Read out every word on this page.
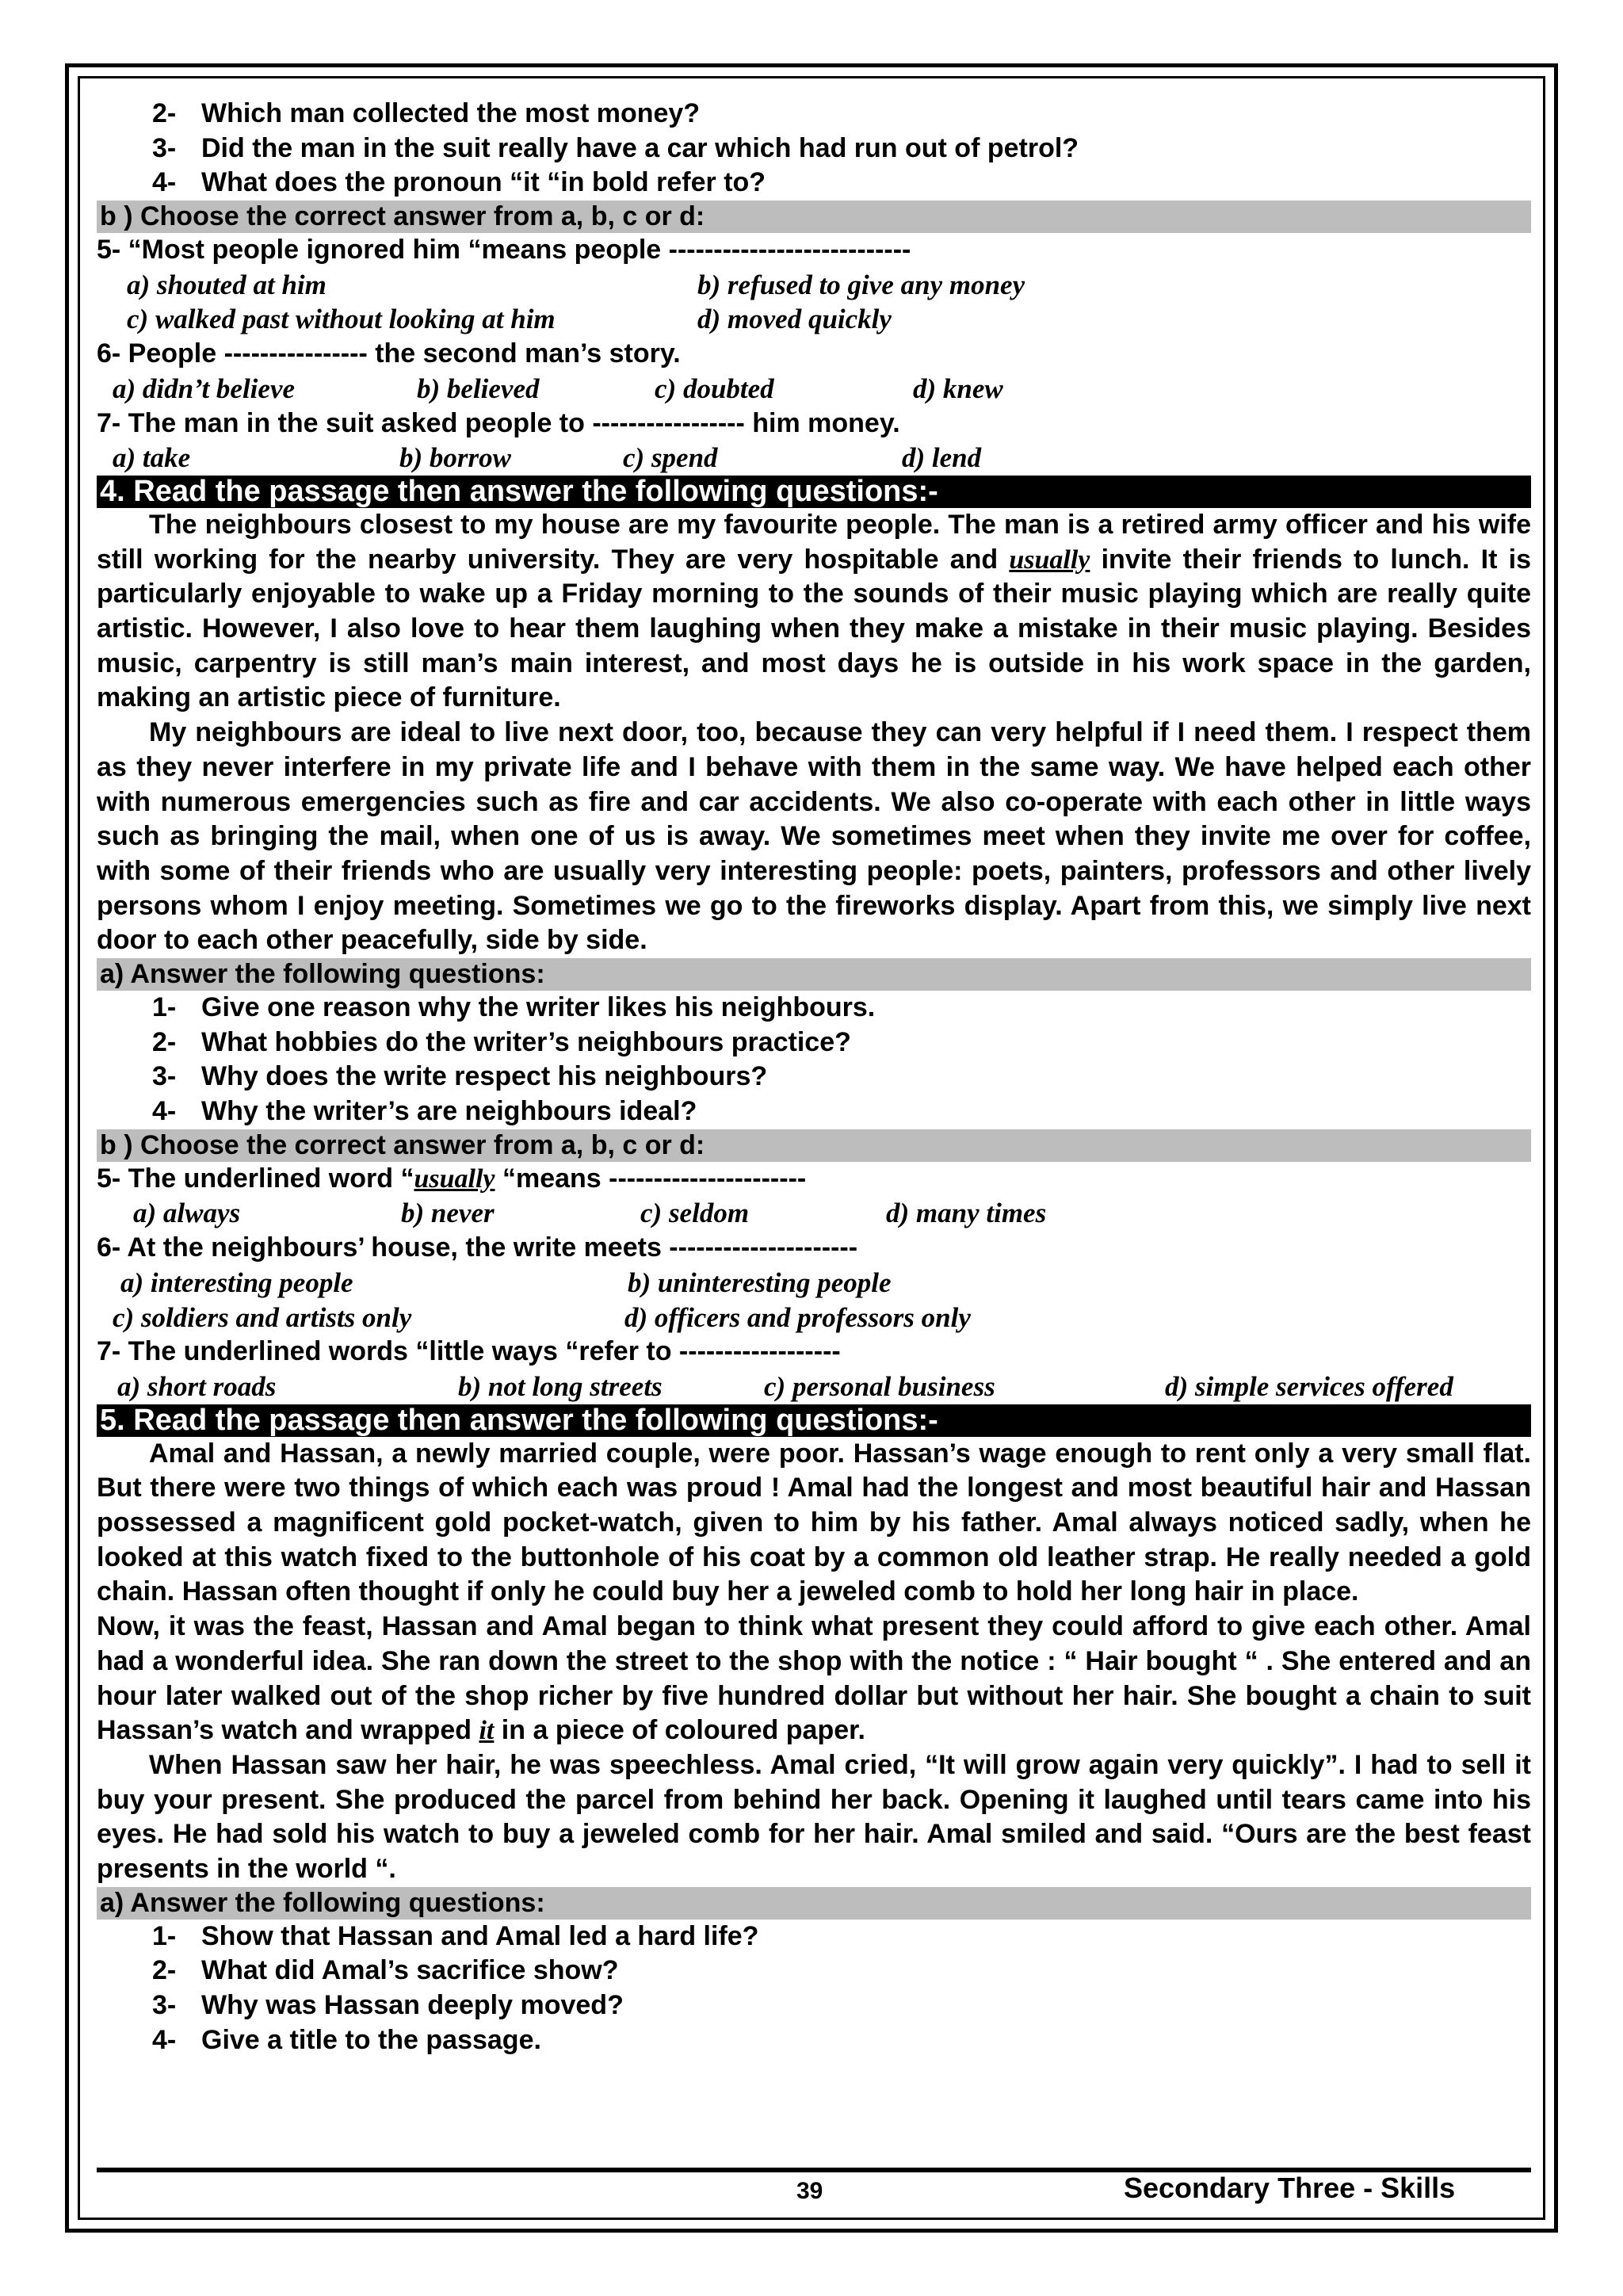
2- Which man collected the most money?
3- Did the man in the suit really have a car which had run out of petrol?
4- What does the pronoun “it “in bold refer to?
b ) Choose the correct answer from a, b, c or d:
5- “Most people ignored him “means people ---------------------------
a) shouted at him	b) refused to give any money
c) walked past without looking at him	d) moved quickly
6- People ---------------- the second man’s story.
a) didn’t believe	b) believed	c) doubted	d) knew
7- The man in the suit asked people to ----------------- him money.
a) take	b) borrow	c) spend	d) lend
4. Read the passage then answer the following questions:-
The neighbours closest to my house are my favourite people. The man is a retired army officer and his wife still working for the nearby university. They are very hospitable and usually invite their friends to lunch. It is particularly enjoyable to wake up a Friday morning to the sounds of their music playing which are really quite artistic. However, I also love to hear them laughing when they make a mistake in their music playing. Besides music, carpentry is still man’s main interest, and most days he is outside in his work space in the garden, making an artistic piece of furniture.
My neighbours are ideal to live next door, too, because they can very helpful if I need them. I respect them as they never interfere in my private life and I behave with them in the same way. We have helped each other with numerous emergencies such as fire and car accidents. We also co-operate with each other in little ways such as bringing the mail, when one of us is away. We sometimes meet when they invite me over for coffee, with some of their friends who are usually very interesting people: poets, painters, professors and other lively persons whom I enjoy meeting. Sometimes we go to the fireworks display. Apart from this, we simply live next door to each other peacefully, side by side.
a) Answer the following questions:
1- Give one reason why the writer likes his neighbours.
2- What hobbies do the writer’s neighbours practice?
3- Why does the write respect his neighbours?
4- Why the writer’s are neighbours ideal?
b ) Choose the correct answer from a, b, c or d:
5- The underlined word “usually “means ----------------------
a) always	b) never	c) seldom	d) many times
6- At the neighbours’ house, the write meets ---------------------
a) interesting people	b) uninteresting people
c) soldiers and artists only	d) officers and professors only
7- The underlined words “little ways “refer to ------------------
a) short roads	b) not long streets	c) personal business	d) simple services offered
5. Read the passage then answer the following questions:-
Amal and Hassan, a newly married couple, were poor. Hassan’s wage enough to rent only a very small flat. But there were two things of which each was proud ! Amal had the longest and most beautiful hair and Hassan possessed a magnificent gold pocket-watch, given to him by his father. Amal always noticed sadly, when he looked at this watch fixed to the buttonhole of his coat by a common old leather strap. He really needed a gold chain. Hassan often thought if only he could buy her a jeweled comb to hold her long hair in place.
Now, it was the feast, Hassan and Amal began to think what present they could afford to give each other. Amal had a wonderful idea. She ran down the street to the shop with the notice : “ Hair bought “ . She entered and an hour later walked out of the shop richer by five hundred dollar but without her hair. She bought a chain to suit Hassan’s watch and wrapped it in a piece of coloured paper.
When Hassan saw her hair, he was speechless. Amal cried, “It will grow again very quickly”. I had to sell it buy your present. She produced the parcel from behind her back. Opening it laughed until tears came into his eyes. He had sold his watch to buy a jeweled comb for her hair. Amal smiled and said. “Ours are the best feast presents in the world “.
a) Answer the following questions:
1- Show that Hassan and Amal led a hard life?
2- What did Amal’s sacrifice show?
3- Why was Hassan deeply moved?
4- Give a title to the passage.
39	Secondary Three - Skills
